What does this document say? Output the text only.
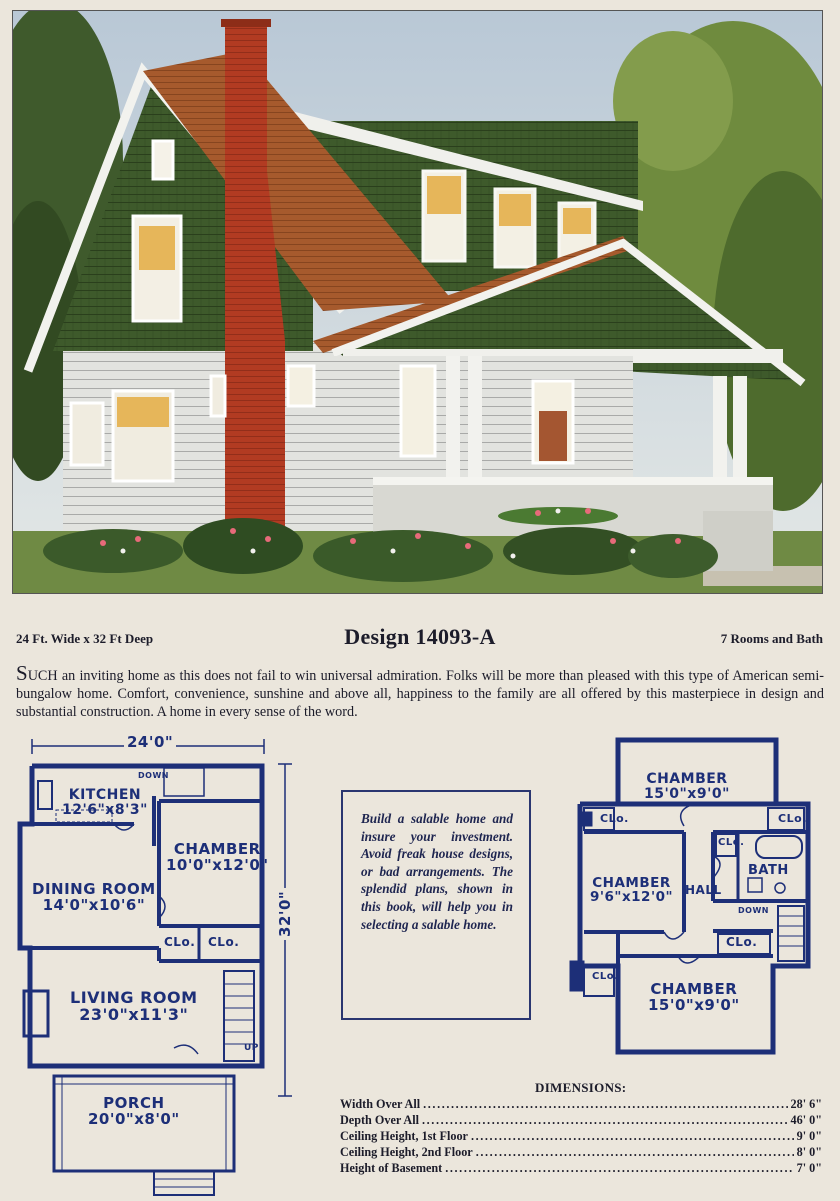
24 Ft. Wide x 32 Ft Deep	Design 14093-A	7 Rooms and Bath
SUCH an inviting home as this does not fail to win universal admiration. Folks will be more than pleased with this type of American semi-bungalow home. Comfort, convenience, sunshine and above all, happiness to the family are all offered by this masterpiece in design and substantial construction. A home in every sense of the word.
24'0"
32'0"
KITCHEN
12'6"x8'3"
DOWN
CHAMBER
10'0"x12'0"
DINING ROOM
14'0"x10'6"
CLo. CLo.
LIVING ROOM
23'0"x11'3"
UP
PORCH
20'0"x8'0"
Build a salable home and insure your investment. Avoid freak house designs, or bad arrangements. The splendid plans, shown in this book, will help you in selecting a salable home.
CHAMBER
15'0"x9'0"
CLo.	CLo.
CLo.
CHAMBER
9'6"x12'0" HALL
BATH
DOWN
CLo.
CLo.
CHAMBER
15'0"x9'0"
DIMENSIONS:
Width Over All .....	28' 6"
Depth Over All .....	46' 0"
Ceiling Height, 1st Floor .....	9' 0"
Ceiling Height, 2nd Floor .....	8' 0"
Height of Basement .....	7' 0"
